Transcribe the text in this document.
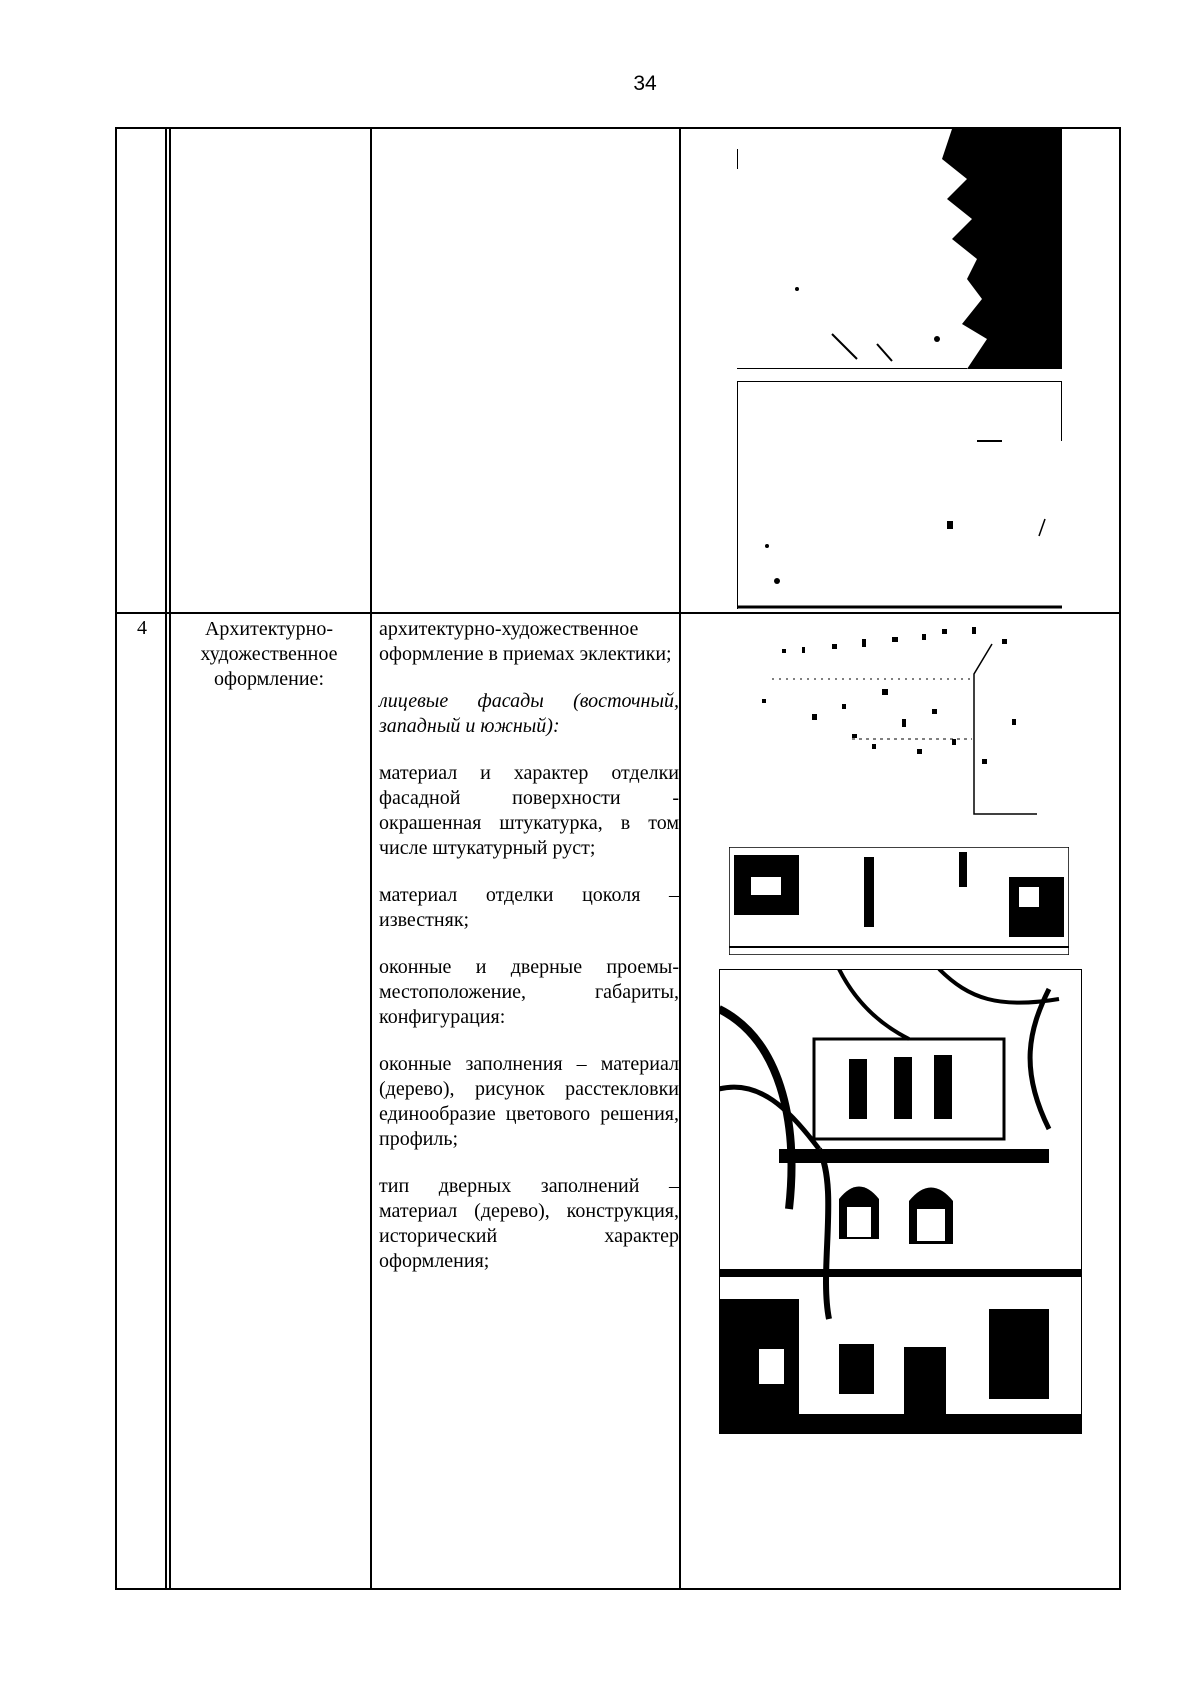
34
4	Архитектурно-художественное оформление:

архитектурно-художественное оформление в приемах эклектики;

лицевые фасады (восточный, западный и южный):

материал и характер отделки фасадной поверхности - окрашенная штукатурка, в том числе штукатурный руст;

материал отделки цоколя – известняк;

оконные и дверные проемы- местоположение, габариты, конфигурация:

оконные заполнения – материал (дерево), рисунок расстекловки единообразие цветового решения, профиль;

тип дверных заполнений – материал (дерево), конструкция, исторический характер оформления;
